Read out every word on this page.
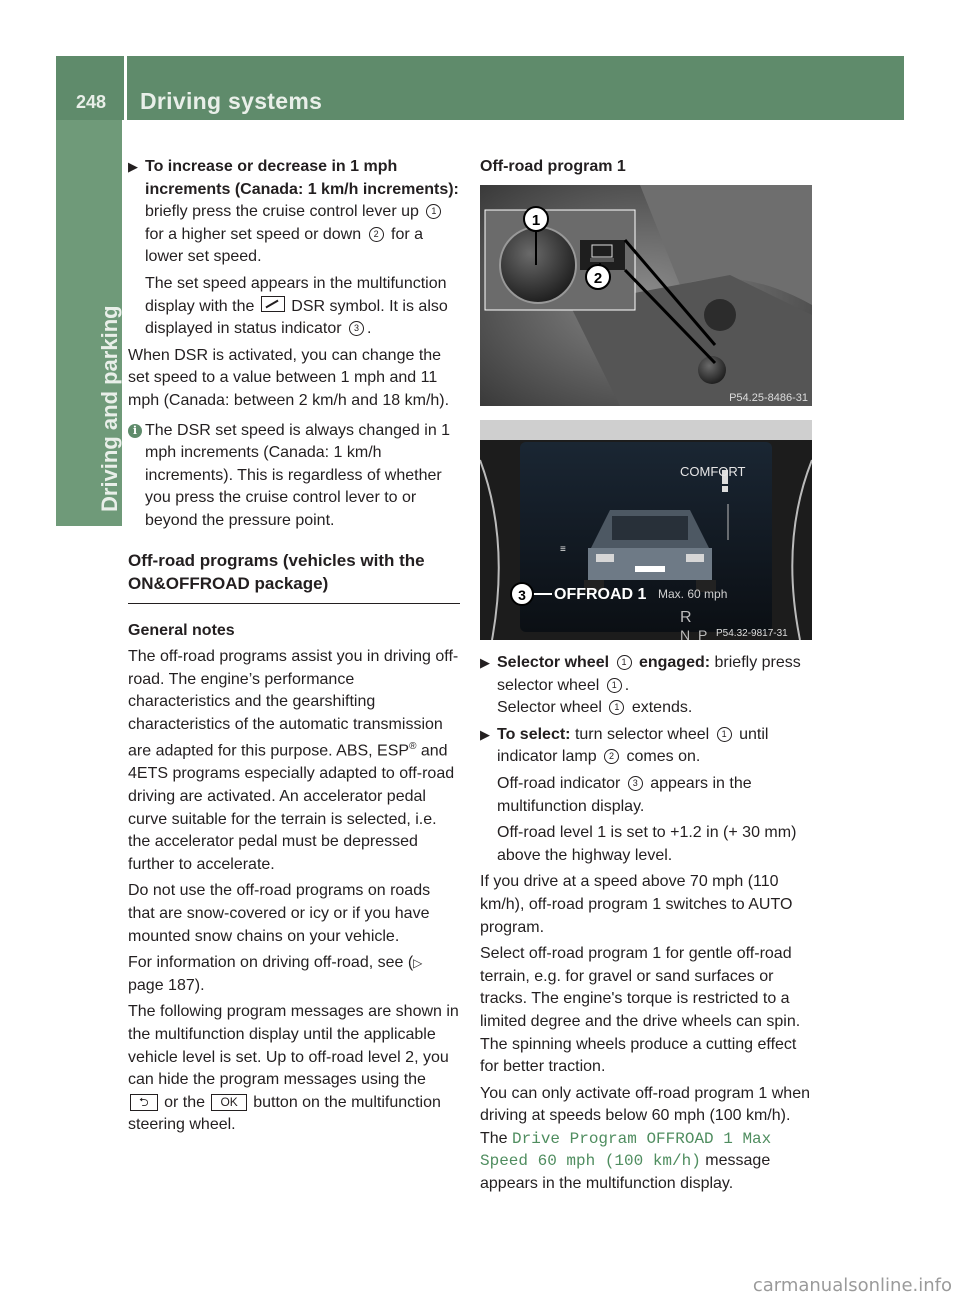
248	Driving systems
Driving and parking

▶ To increase or decrease in 1 mph increments (Canada: 1 km/h increments): briefly press the cruise control lever up 1 for a higher set speed or down 2 for a lower set speed.

The set speed appears in the multifunction display with the  DSR symbol. It is also displayed in status indicator 3 .

When DSR is activated, you can change the set speed to a value between 1 mph and 11 mph (Canada: between 2 km/h and 18 km/h).

i The DSR set speed is always changed in 1 mph increments (Canada: 1 km/h increments). This is regardless of whether you press the cruise control lever to or beyond the pressure point.

Off-road programs (vehicles with the ON&OFFROAD package)

General notes

The off-road programs assist you in driving off-road. The engine’s performance characteristics and the gearshifting characteristics of the automatic transmission are adapted for this purpose. ABS, ESP® and 4ETS programs especially adapted to off-road driving are activated. An accelerator pedal curve suitable for the terrain is selected, i.e. the accelerator pedal must be depressed further to accelerate.

Do not use the off-road programs on roads that are snow-covered or icy or if you have mounted snow chains on your vehicle.

For information on driving off-road, see (▷ page 187).

The following program messages are shown in the multifunction display until the applicable vehicle level is set. Up to off-road level 2, you can hide the program messages using the ⮌ or the OK button on the multifunction steering wheel.

Off-road program 1

1
2
P54.25-8486-31
COMFORT
≡
3 OFFROAD 1 Max. 60 mph
R
N P P54.32-9817-31

▶ Selector wheel 1 engaged: briefly press selector wheel 1 .

Selector wheel 1 extends.

▶ To select: turn selector wheel 1 until indicator lamp 2 comes on.

Off-road indicator 3 appears in the multifunction display.

Off-road level 1 is set to +1.2 in (+ 30 mm) above the highway level.

If you drive at a speed above 70 mph (110 km/h), off-road program 1 switches to AUTO program.

Select off-road program 1 for gentle off-road terrain, e.g. for gravel or sand surfaces or tracks. The engine's torque is restricted to a limited degree and the drive wheels can spin. The spinning wheels produce a cutting effect for better traction.

You can only activate off-road program 1 when driving at speeds below 60 mph (100 km/h). The Drive Program OFFROAD 1 Max Speed 60 mph (100 km/h) message appears in the multifunction display.

carmanualsonline.info
